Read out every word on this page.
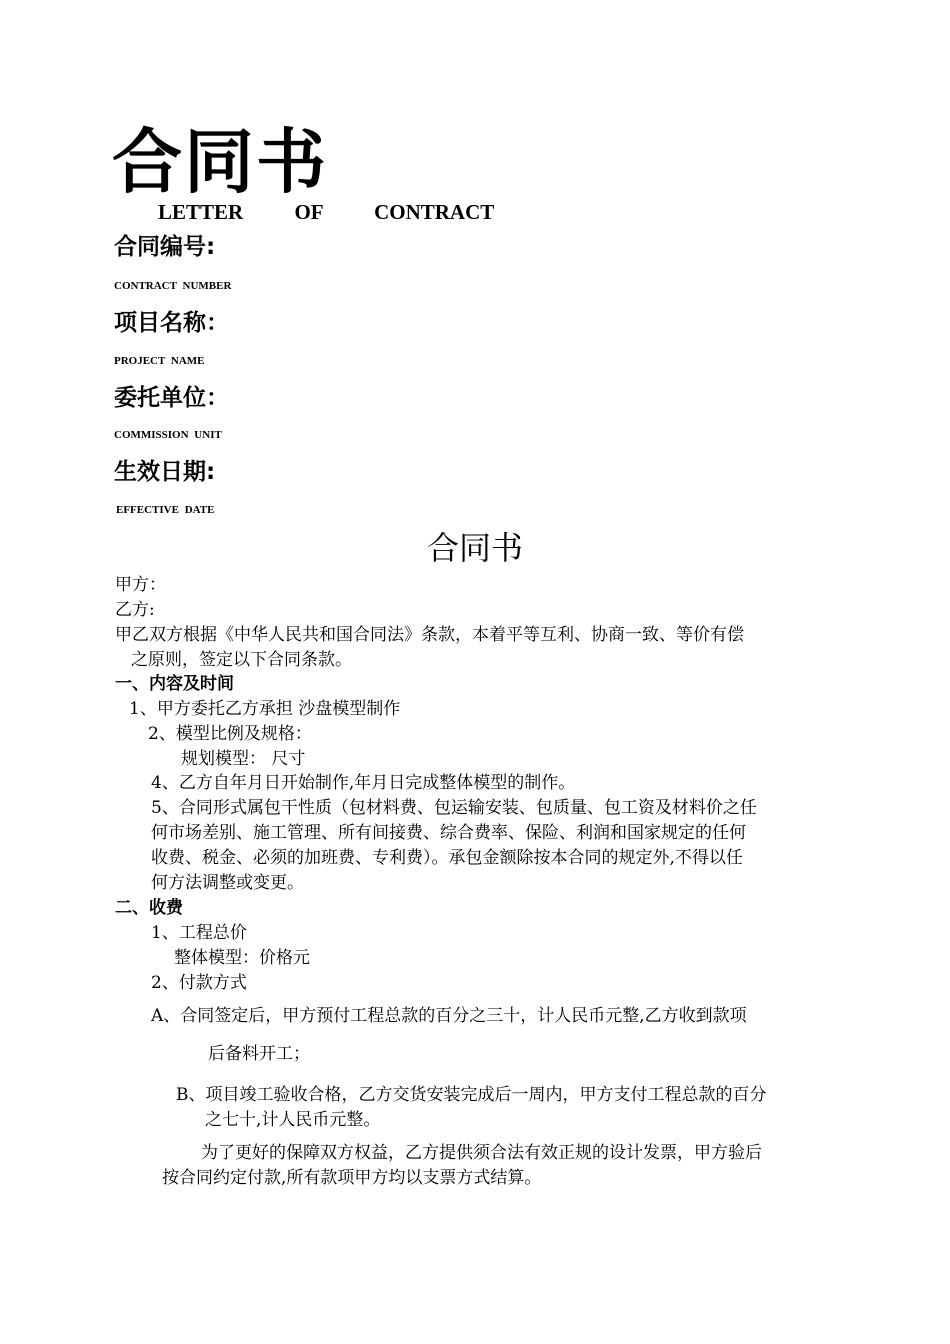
合同书

LETTER OF CONTRACT

合同编号:

CONTRACT NUMBER

项目名称：

PROJECT NAME

委托单位：

COMMISSION UNIT

生效日期:

EFFECTIVE DATE

合同书

甲方：

乙方:

甲乙双方根据《中华人民共和国合同法》条款，本着平等互利、协商一致、等价有偿

之原则，签定以下合同条款。

一、内容及时间

1、甲方委托乙方承担 沙盘模型制作

2、模型比例及规格：

规划模型： 尺寸

4、乙方自年月日开始制作,年月日完成整体模型的制作。

5、合同形式属包干性质（包材料费、包运输安装、包质量、包工资及材料价之任

何市场差别、施工管理、所有间接费、综合费率、保险、利润和国家规定的任何

收费、税金、必须的加班费、专利费）。承包金额除按本合同的规定外,不得以任

何方法调整或变更。

二、收费

1、工程总价

整体模型：价格元

2、付款方式

A、合同签定后，甲方预付工程总款的百分之三十，计人民币元整,乙方收到款项

后备料开工；

B、项目竣工验收合格，乙方交货安装完成后一周内，甲方支付工程总款的百分

之七十,计人民币元整。

为了更好的保障双方权益，乙方提供须合法有效正规的设计发票，甲方验后

按合同约定付款,所有款项甲方均以支票方式结算。
